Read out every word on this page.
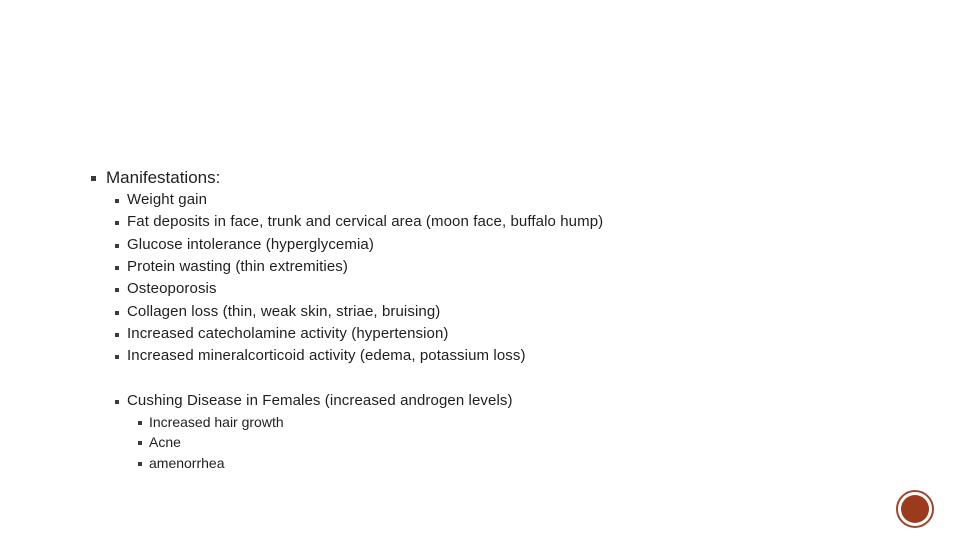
Manifestations:
Weight gain
Fat deposits in face, trunk and cervical area (moon face, buffalo hump)
Glucose intolerance (hyperglycemia)
Protein wasting (thin extremities)
Osteoporosis
Collagen loss (thin, weak skin, striae, bruising)
Increased catecholamine activity (hypertension)
Increased mineralcorticoid activity (edema, potassium loss)
Cushing Disease in Females (increased androgen levels)
Increased hair growth
Acne
amenorrhea
